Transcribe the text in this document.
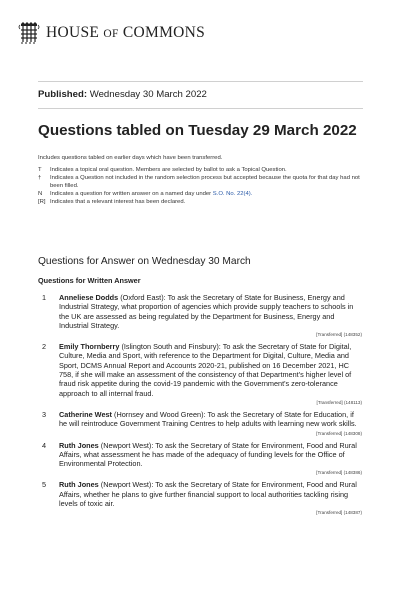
HOUSE OF COMMONS
Published: Wednesday 30 March 2022
Questions tabled on Tuesday 29 March 2022
Includes questions tabled on earlier days which have been transferred.
T	Indicates a topical oral question. Members are selected by ballot to ask a Topical Question.
†	Indicates a Question not included in the random selection process but accepted because the quota for that day had not been filled.
N	Indicates a question for written answer on a named day under S.O. No. 22(4).
[R] Indicates that a relevant interest has been declared.
Questions for Answer on Wednesday 30 March
Questions for Written Answer
1 Anneliese Dodds (Oxford East): To ask the Secretary of State for Business, Energy and Industrial Strategy, what proportion of agencies which provide supply teachers to schools in the UK are assessed as being regulated by the Department for Business, Energy and Industrial Strategy.
[Transferred] (148352)
2 Emily Thornberry (Islington South and Finsbury): To ask the Secretary of State for Digital, Culture, Media and Sport, with reference to the Department for Digital, Culture, Media and Sport, DCMS Annual Report and Accounts 2020-21, published on 16 December 2021, HC 758, if she will make an assessment of the consistency of that Department's higher level of fraud risk appetite during the covid-19 pandemic with the Government's zero-tolerance approach to all internal fraud.
[Transferred] (148113)
3 Catherine West (Hornsey and Wood Green): To ask the Secretary of State for Education, if he will reintroduce Government Training Centres to help adults with learning new work skills.
[Transferred] (148308)
4 Ruth Jones (Newport West): To ask the Secretary of State for Environment, Food and Rural Affairs, what assessment he has made of the adequacy of funding levels for the Office of Environmental Protection.
[Transferred] (148386)
5 Ruth Jones (Newport West): To ask the Secretary of State for Environment, Food and Rural Affairs, whether he plans to give further financial support to local authorities tackling rising levels of toxic air.
[Transferred] (148387)
